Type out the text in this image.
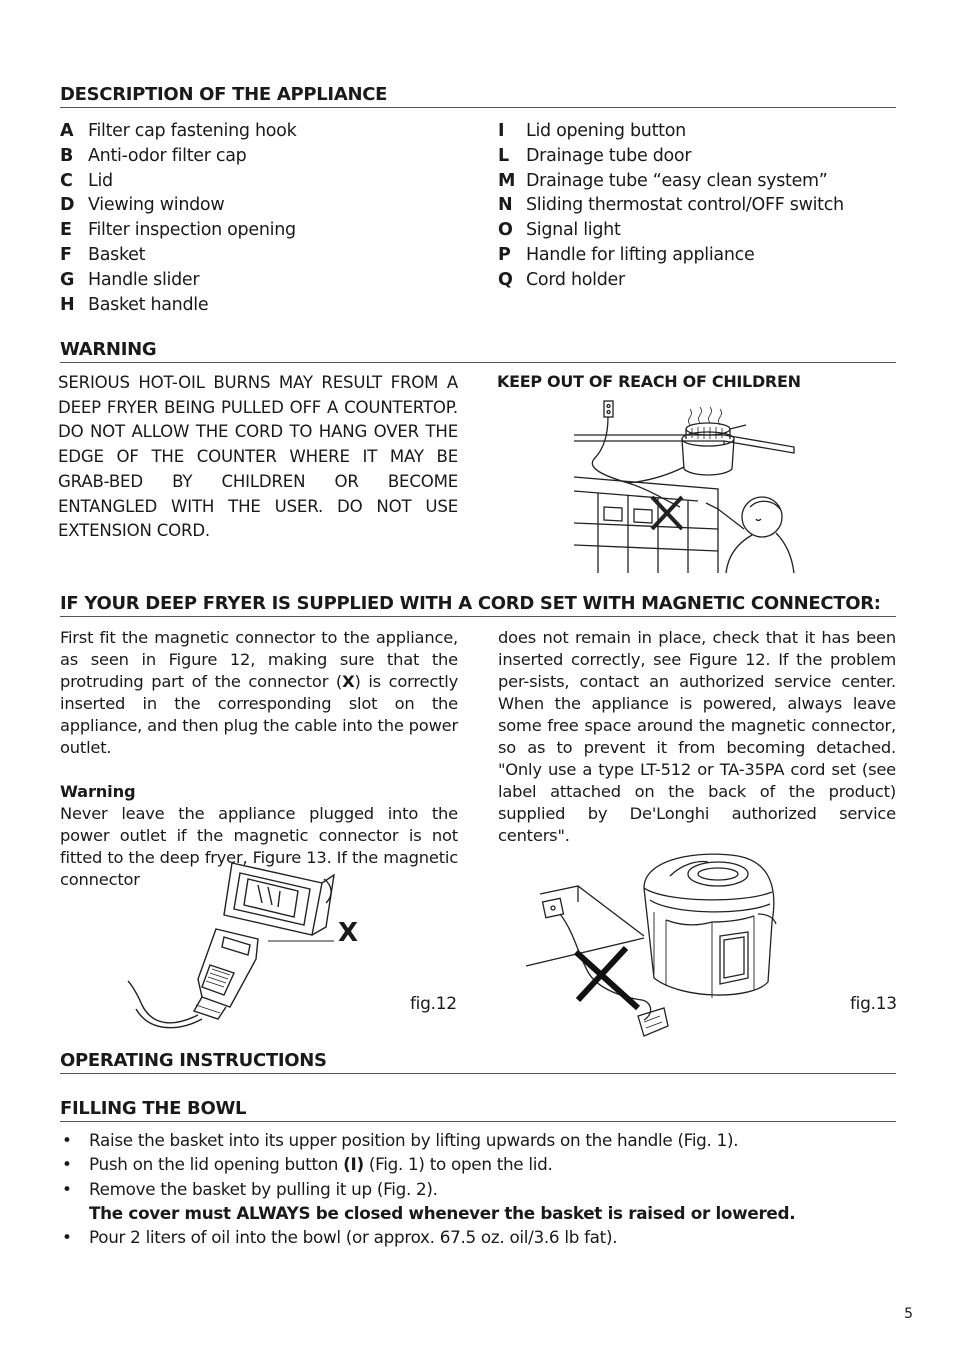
DESCRIPTION OF THE APPLIANCE
A Filter cap fastening hook
B Anti-odor filter cap
C Lid
D Viewing window
E Filter inspection opening
F Basket
G Handle slider
H Basket handle
I Lid opening button
L Drainage tube door
M Drainage tube “easy clean system”
N Sliding thermostat control/OFF switch
O Signal light
P Handle for lifting appliance
Q Cord holder
WARNING
SERIOUS HOT-OIL BURNS MAY RESULT FROM A DEEP FRYER BEING PULLED OFF A COUNTERTOP. DO NOT ALLOW THE CORD TO HANG OVER THE EDGE OF THE COUNTER WHERE IT MAY BE GRAB-BED BY CHILDREN OR BECOME ENTANGLED WITH THE USER. DO NOT USE EXTENSION CORD.
KEEP OUT OF REACH OF CHILDREN
IF YOUR DEEP FRYER IS SUPPLIED WITH A CORD SET WITH MAGNETIC CONNECTOR:

First fit the magnetic connector to the appliance, as seen in Figure 12, making sure that the protruding part of the connector (X) is correctly inserted in the corresponding slot on the appliance, and then plug the cable into the power outlet.

Warning

Never leave the appliance plugged into the power outlet if the magnetic connector is not fitted to the deep fryer, Figure 13. If the magnetic connector

does not remain in place, check that it has been inserted correctly, see Figure 12. If the problem per-sists, contact an authorized service center. When the appliance is powered, always leave some free space around the magnetic connector, so as to prevent it from becoming detached. "Only use a type LT-512 or TA-35PA cord set (see label attached on the back of the product) supplied by De'Longhi authorized service centers".

X
fig.12	fig.13
OPERATING INSTRUCTIONS
FILLING THE BOWL
• Raise the basket into its upper position by lifting upwards on the handle (Fig. 1).
• Push on the lid opening button (I) (Fig. 1) to open the lid.
• Remove the basket by pulling it up (Fig. 2).
The cover must ALWAYS be closed whenever the basket is raised or lowered.
• Pour 2 liters of oil into the bowl (or approx. 67.5 oz. oil/3.6 lb fat).
5
